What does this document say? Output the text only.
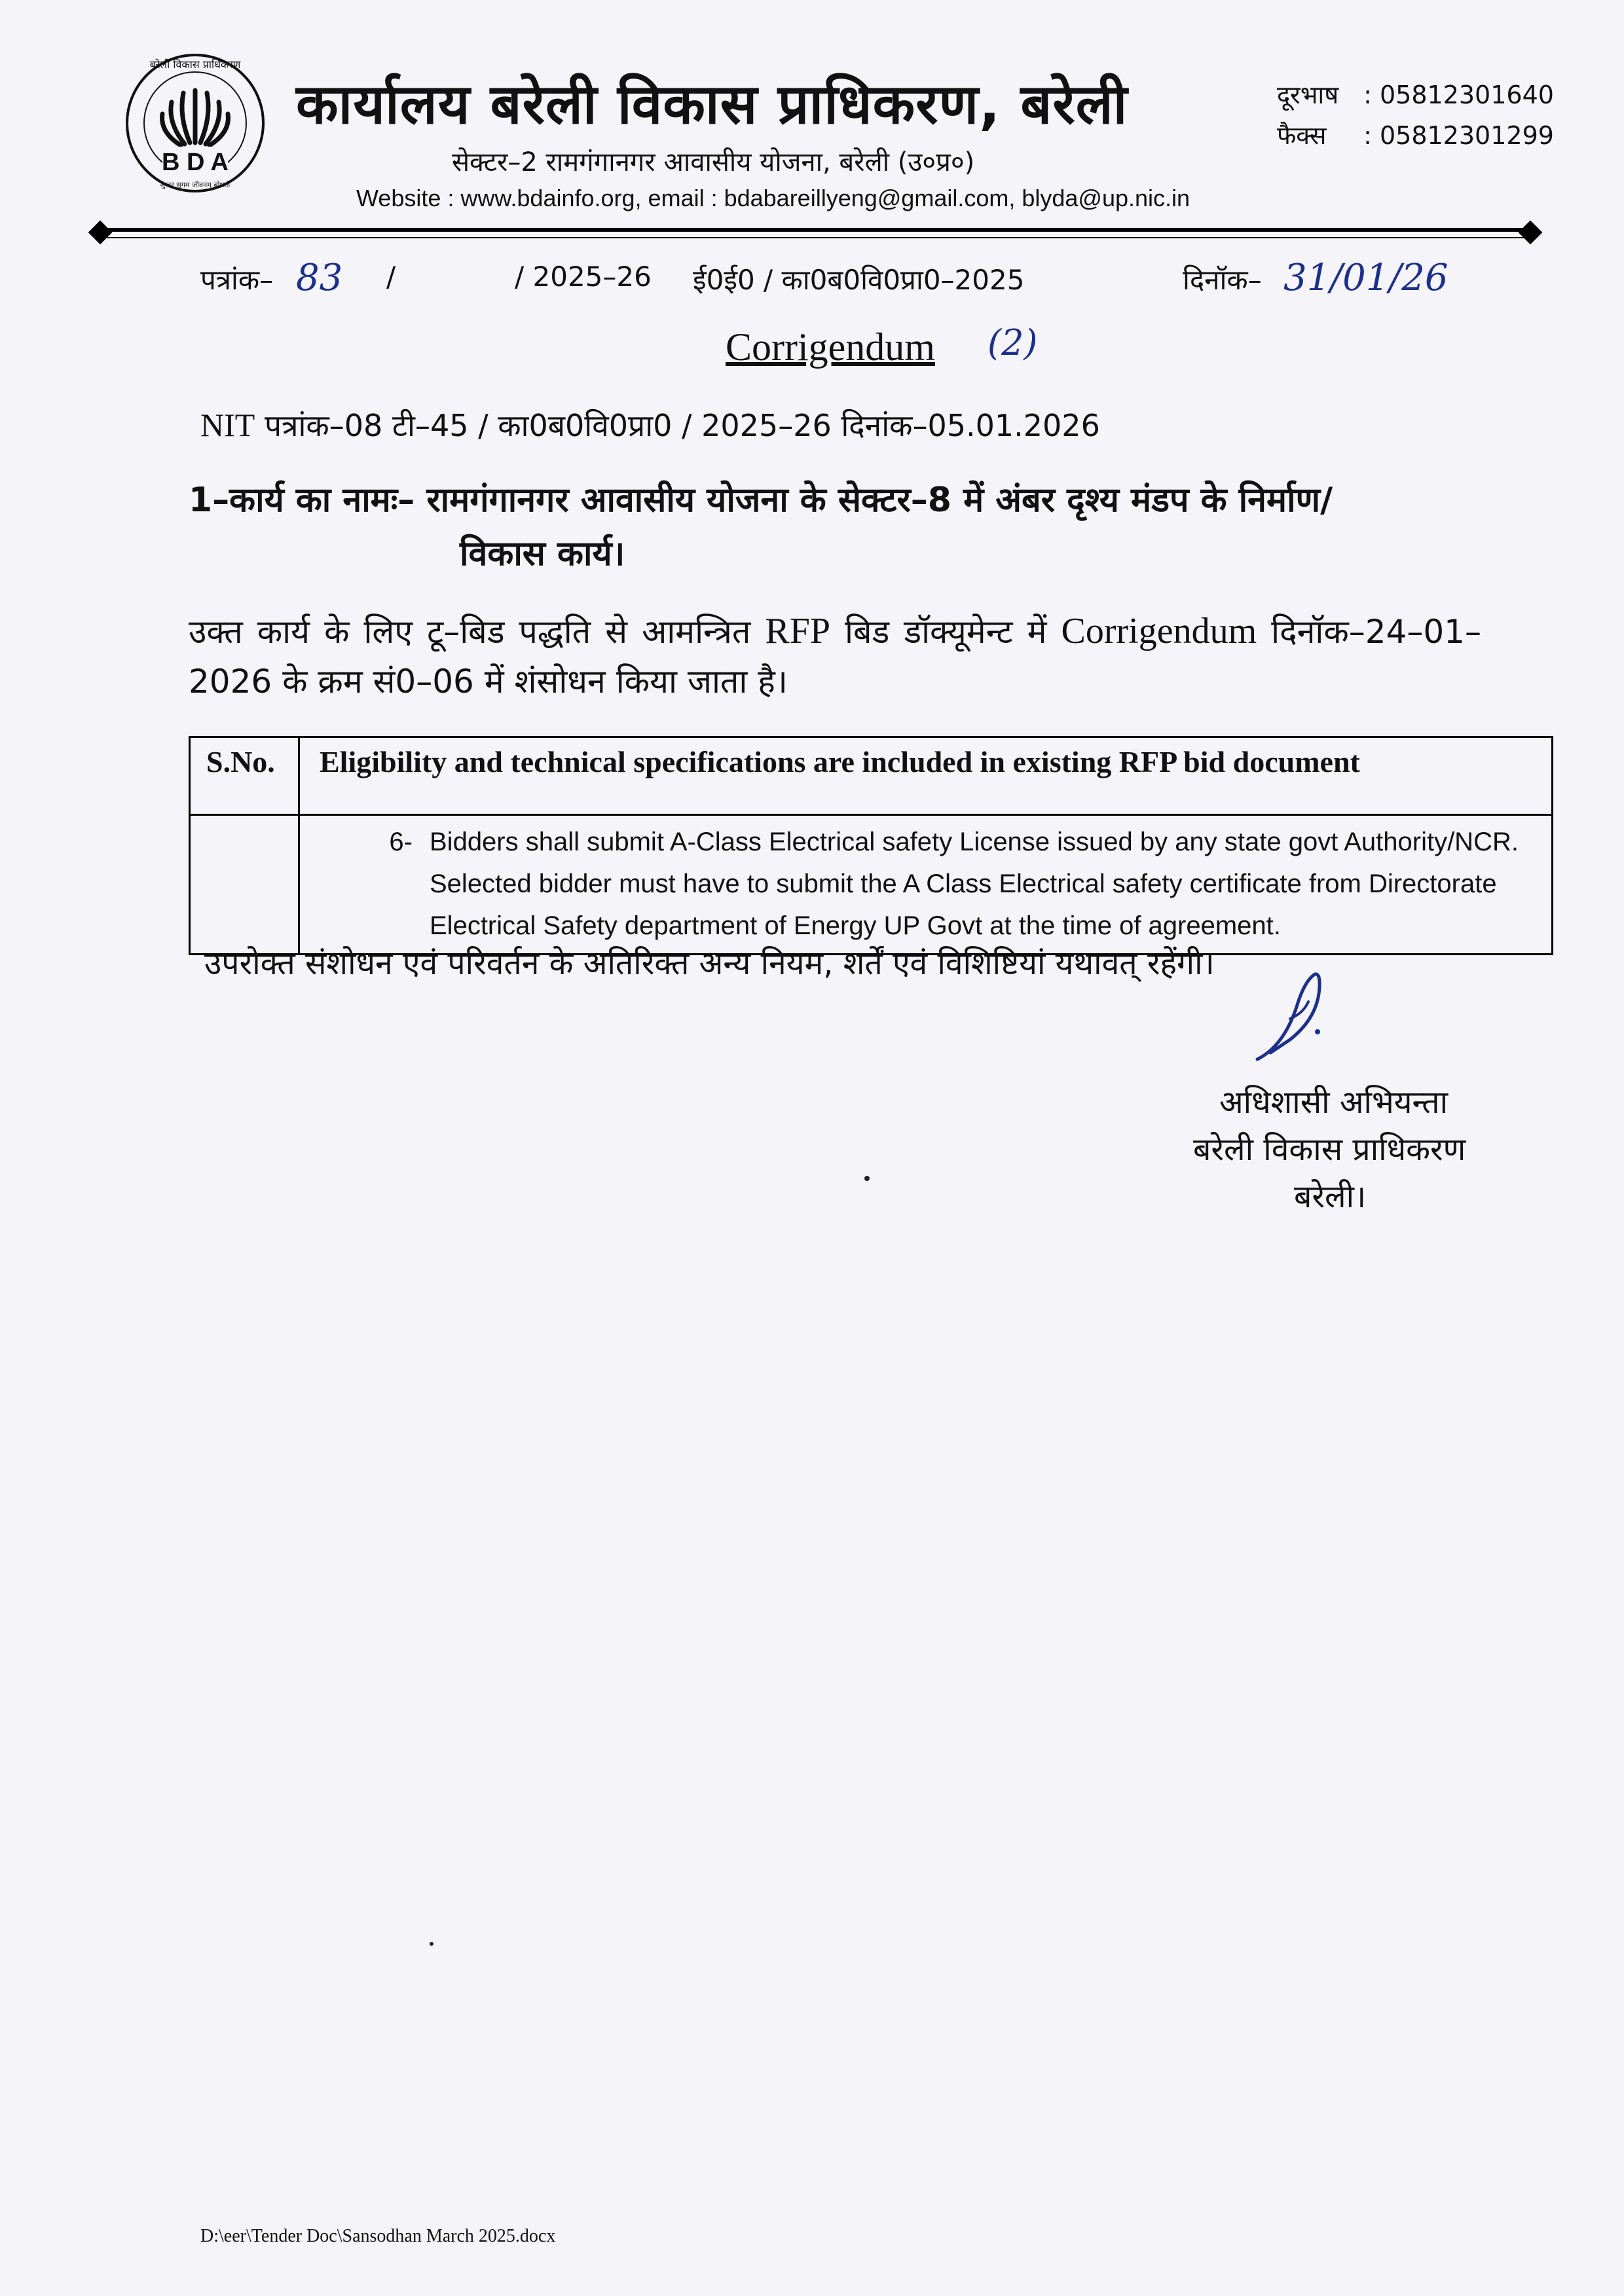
B D A
सुन्दर सुगम जीवनम् बोधतो
बरेली विकास प्राधिकरण
कार्यालय बरेली विकास प्राधिकरण, बरेली
सेक्टर–2 रामगंगानगर आवासीय योजना, बरेली (उ०प्र०)
Website : www.bdainfo.org, email : bdabareillyeng@gmail.com, blyda@up.nic.in
दूरभाष : 05812301640
फैक्स : 05812301299
पत्रांक– 83 /	/ 2025–26 ई0ई0 / का0ब0वि0प्रा0–2025	दिनॉक– 31/01/26
Corrigendum (2)
NIT पत्रांक–08 टी–45 / का0ब0वि0प्रा0 / 2025–26 दिनांक–05.01.2026
1–कार्य का नामः– रामगंगानगर आवासीय योजना के सेक्टर–8 में अंबर दृश्य मंडप के निर्माण/
विकास कार्य।
उक्त कार्य के लिए टू–बिड पद्धति से आमन्त्रित RFP बिड डॉक्यूमेन्ट में Corrigendum दिनॉक–24–01–2026 के क्रम सं0–06 में शंसोधन किया जाता है।
S.No.	Eligibility and technical specifications are included in existing RFP bid document

	6- Bidders shall submit A-Class Electrical safety License issued by any state govt Authority/NCR. Selected bidder must have to submit the A Class Electrical safety certificate from Directorate Electrical Safety department of Energy UP Govt at the time of agreement.
उपरोक्त संशोधन एवं परिवर्तन के अतिरिक्त अन्य नियम, शर्तें एवं विशिष्टियां यथावत् रहेंगी।
अधिशासी अभियन्ता
बरेली विकास प्राधिकरण
बरेली।
D:\eer\Tender Doc\Sansodhan March 2025.docx
